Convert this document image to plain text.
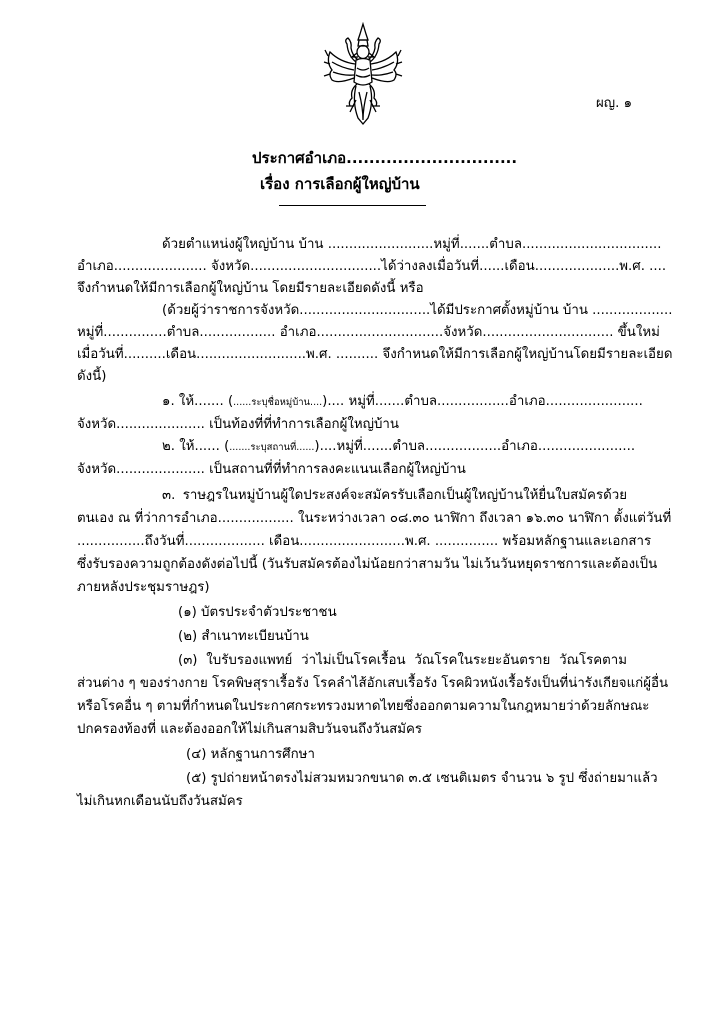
ผญ. ๑
ประกาศอำเภอ..............................
เรื่อง การเลือกผู้ใหญ่บ้าน
ด้วยตำแหน่งผู้ใหญ่บ้าน บ้าน .........................หมู่ที่.......ตำบล.................................
อำเภอ...................... จังหวัด...............................ได้ว่างลงเมื่อวันที่......เดือน....................พ.ศ. ....
จึงกำหนดให้มีการเลือกผู้ใหญ่บ้าน โดยมีรายละเอียดดังนี้ หรือ
(ด้วยผู้ว่าราชการจังหวัด...............................ได้มีประกาศตั้งหมู่บ้าน บ้าน ...................
หมู่ที่...............ตำบล.................. อำเภอ..............................จังหวัด............................... ขึ้นใหม่
เมื่อวันที่..........เดือน..........................พ.ศ. .......... จึงกำหนดให้มีการเลือกผู้ใหญ่บ้านโดยมีรายละเอียด
ดังนี้)
๑. ให้....... (......ระบุชื่อหมู่บ้าน....).... หมู่ที่.......ตำบล.................อำเภอ.......................
จังหวัด..................... เป็นท้องที่ที่ทำการเลือกผู้ใหญ่บ้าน
๒. ให้...... (.......ระบุสถานที่......)....หมู่ที่.......ตำบล..................อำเภอ.......................
จังหวัด..................... เป็นสถานที่ที่ทำการลงคะแนนเลือกผู้ใหญ่บ้าน
๓. ราษฎรในหมู่บ้านผู้ใดประสงค์จะสมัครรับเลือกเป็นผู้ใหญ่บ้านให้ยื่นใบสมัครด้วย
ตนเอง ณ ที่ว่าการอำเภอ.................. ในระหว่างเวลา ๐๘.๓๐ นาฬิกา ถึงเวลา ๑๖.๓๐ นาฬิกา ตั้งแต่วันที่
................ถึงวันที่................... เดือน.........................พ.ศ. ............... พร้อมหลักฐานและเอกสาร
ซึ่งรับรองความถูกต้องดังต่อไปนี้ (วันรับสมัครต้องไม่น้อยกว่าสามวัน ไม่เว้นวันหยุดราชการและต้องเป็น
ภายหลังประชุมราษฎร)
(๑) บัตรประจำตัวประชาชน
(๒) สำเนาทะเบียนบ้าน
(๓) ใบรับรองแพทย์ ว่าไม่เป็นโรคเรื้อน วัณโรคในระยะอันตราย วัณโรคตาม
ส่วนต่าง ๆ ของร่างกาย โรคพิษสุราเรื้อรัง โรคลำไส้อักเสบเรื้อรัง โรคผิวหนังเรื้อรังเป็นที่น่ารังเกียจแก่ผู้อื่น
หรือโรคอื่น ๆ ตามที่กำหนดในประกาศกระทรวงมหาดไทยซึ่งออกตามความในกฎหมายว่าด้วยลักษณะ
ปกครองท้องที่ และต้องออกให้ไม่เกินสามสิบวันจนถึงวันสมัคร
(๔) หลักฐานการศึกษา
(๕) รูปถ่ายหน้าตรงไม่สวมหมวกขนาด ๓.๕ เซนติเมตร จำนวน ๖ รูป ซึ่งถ่ายมาแล้ว
ไม่เกินหกเดือนนับถึงวันสมัคร
